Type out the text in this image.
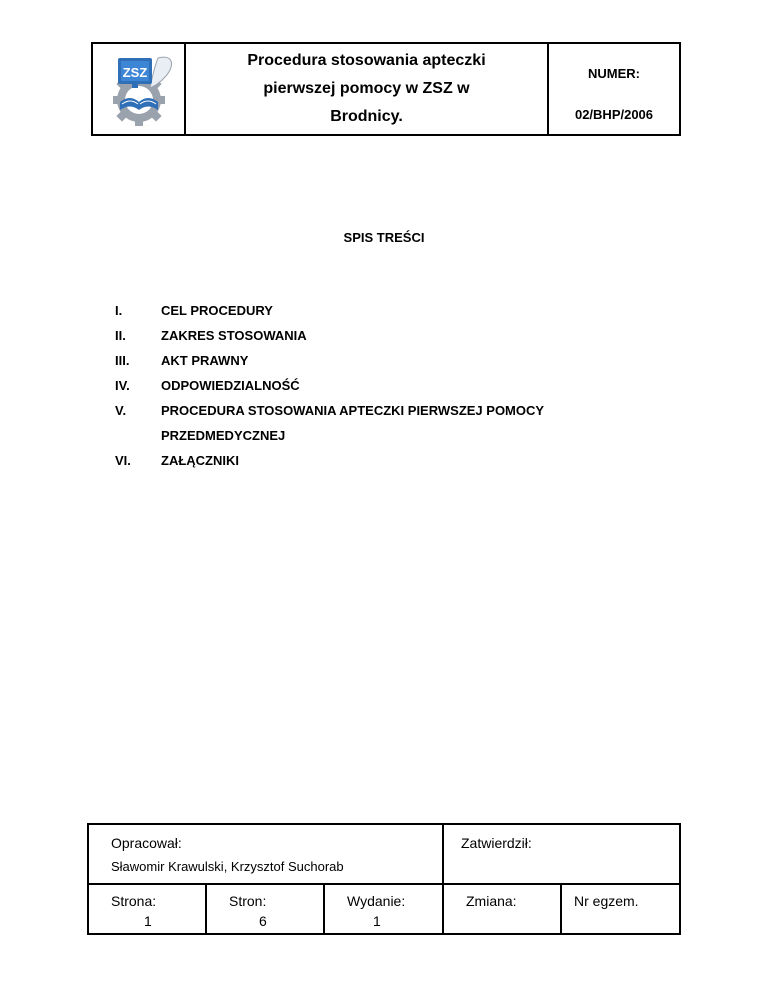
ZSZ
Procedura stosowania apteczki
pierwszej pomocy w ZSZ w
Brodnicy.
NUMER:
02/BHP/2006
SPIS TREŚCI
I.	CEL PROCEDURY
II.	ZAKRES STOSOWANIA
III.	AKT PRAWNY
IV.	ODPOWIEDZIALNOŚĆ
V.	PROCEDURA STOSOWANIA APTECZKI PIERWSZEJ POMOCY
PRZEDMEDYCZNEJ
VI.	ZAŁĄCZNIKI
Opracował:
Sławomir Krawulski, Krzysztof Suchorab
Zatwierdził:
Strona:
1
Stron:
6
Wydanie:
1
Zmiana:	Nr egzem.
